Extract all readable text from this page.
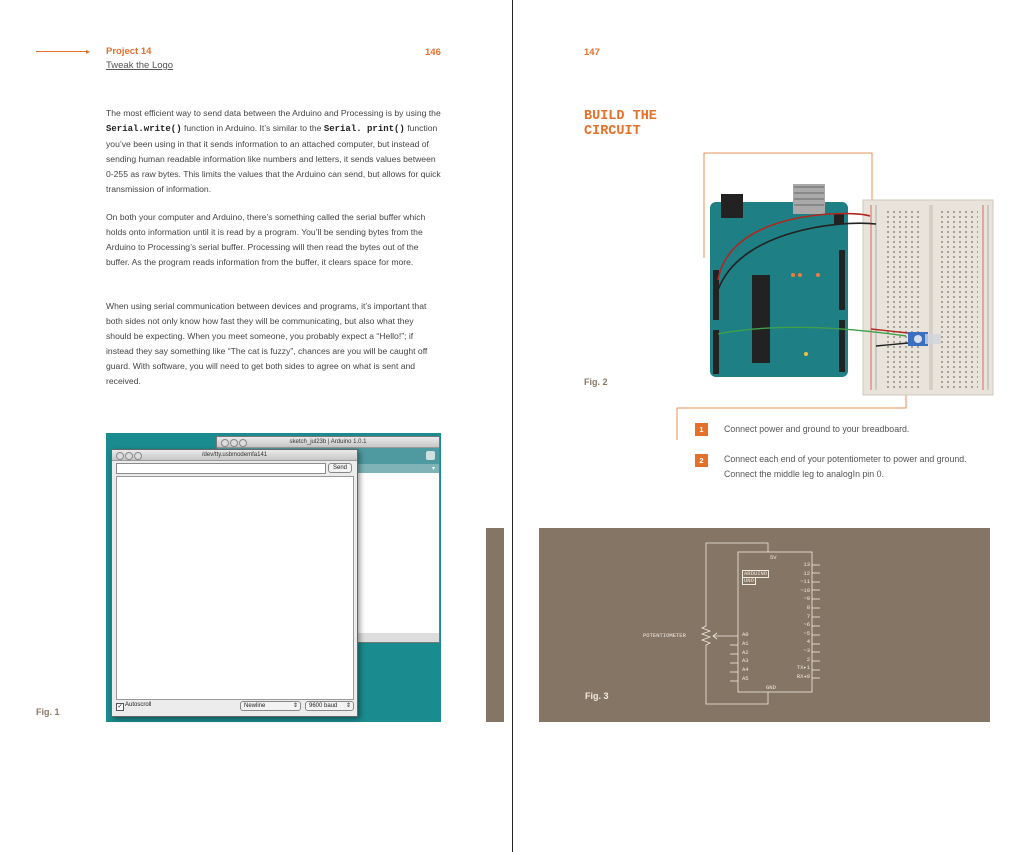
▸ Project 14
Tweak the Logo
146

The most efficient way to send data between the Arduino and Processing is by using the Serial.write() function in Arduino. It’s similar to the Serial. print() function you’ve been using in that it sends information to an attached computer, but instead of sending human readable information like numbers and letters, it sends values between 0-255 as raw bytes. This limits the values that the Arduino can send, but allows for quick transmission of information.

On both your computer and Arduino, there’s something called the serial buffer which holds onto information until it is read by a program. You’ll be sending bytes from the Arduino to Processing’s serial buffer. Processing will then read the bytes out of the buffer. As the program reads information from the buffer, it clears space for more.

When using serial communication between devices and programs, it’s important that both sides not only know how fast they will be communicating, but also what they should be expecting. When you meet someone, you probably expect a “Hello!”; if instead they say something like “The cat is fuzzy”, chances are you will be caught off guard. With software, you will need to get both sides to agree on what is sent and received.

sketch_jul23b | Arduino 1.0.1
▾
/dev/tty.usbmodemfa141
Send
✓ Autoscroll	Newline	⇕	9600 baud ⇕
Fig. 1
147
BUILD THE
CIRCUIT
Fig. 2
1	Connect power and ground to your breadboard.
2	Connect each end of your potentiometer to power and ground.
Connect the middle leg to analogIn pin 0.
POTENTIOMETER
5V
GND
ARDUINO
UNO
A0
A1
A2
A3
A4
A5
13
12
~11
~10
~9
8
7
~6
~5
4
~3
2
TX▸1
RX◂0
Fig. 3
